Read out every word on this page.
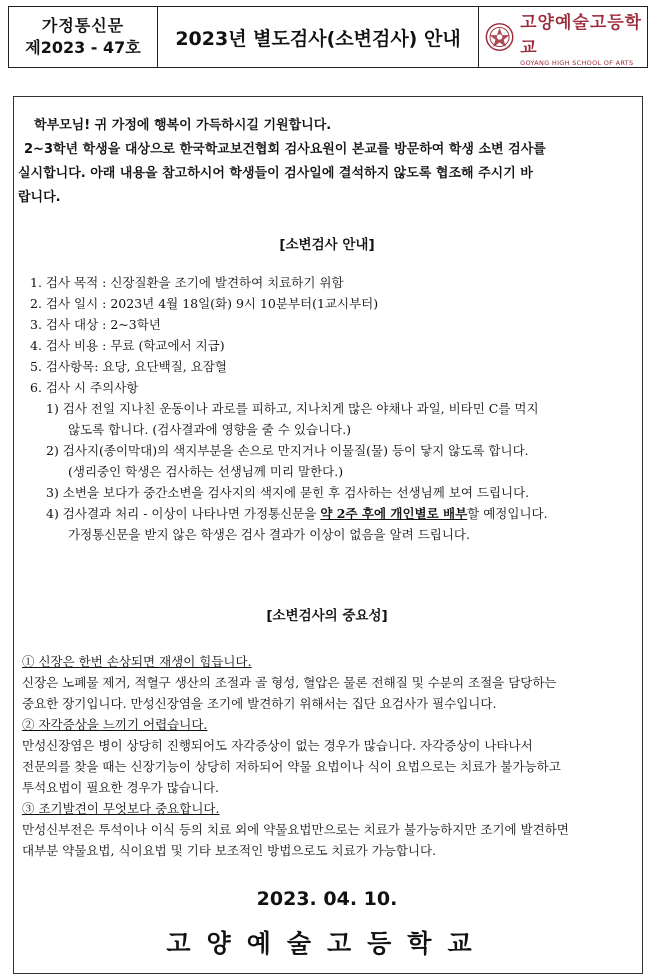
가정통신문
제2023 - 47호	2023년 별도검사(소변검사) 안내
고양예술고등학교
GOYANG HIGH SCHOOL OF ARTS
학부모님! 귀 가정에 행복이 가득하시길 기원합니다.
2~3학년 학생을 대상으로 한국학교보건협회 검사요원이 본교를 방문하여 학생 소변 검사를
실시합니다. 아래 내용을 참고하시어 학생들이 검사일에 결석하지 않도록 협조해 주시기 바
랍니다.
[소변검사 안내]
1. 검사 목적 : 신장질환을 조기에 발견하여 치료하기 위함
2. 검사 일시 : 2023년 4월 18일(화) 9시 10분부터(1교시부터)
3. 검사 대상 : 2~3학년
4. 검사 비용 : 무료 (학교에서 지급)
5. 검사항목: 요당, 요단백질, 요잠혈
6. 검사 시 주의사항
1) 검사 전일 지나친 운동이나 과로를 피하고, 지나치게 많은 야채나 과일, 비타민 C를 먹지
않도록 합니다. (검사결과에 영향을 줄 수 있습니다.)
2) 검사지(종이막대)의 색지부분을 손으로 만지거나 이물질(물) 등이 닿지 않도록 합니다.
(생리중인 학생은 검사하는 선생님께 미리 말한다.)
3) 소변을 보다가 중간소변을 검사지의 색지에 묻힌 후 검사하는 선생님께 보여 드립니다.
4) 검사결과 처리 - 이상이 나타나면 가정통신문을 약 2주 후에 개인별로 배부할 예정입니다.
가정통신문을 받지 않은 학생은 검사 결과가 이상이 없음을 알려 드립니다.
[소변검사의 중요성]
① 신장은 한번 손상되면 재생이 힘듭니다.
신장은 노폐물 제거, 적혈구 생산의 조절과 골 형성, 혈압은 물론 전해질 및 수분의 조절을 담당하는
중요한 장기입니다. 만성신장염을 조기에 발견하기 위해서는 집단 요검사가 필수입니다.
② 자각증상을 느끼기 어렵습니다.
만성신장염은 병이 상당히 진행되어도 자각증상이 없는 경우가 많습니다. 자각증상이 나타나서
전문의를 찾을 때는 신장기능이 상당히 저하되어 약물 요법이나 식이 요법으로는 치료가 불가능하고
투석요법이 필요한 경우가 많습니다.
③ 조기발견이 무엇보다 중요합니다.
만성신부전은 투석이나 이식 등의 치료 외에 약물요법만으로는 치료가 불가능하지만 조기에 발견하면
대부분 약물요법, 식이요법 및 기타 보조적인 방법으로도 치료가 가능합니다.
2023. 04. 10.
고양예술고등학교
